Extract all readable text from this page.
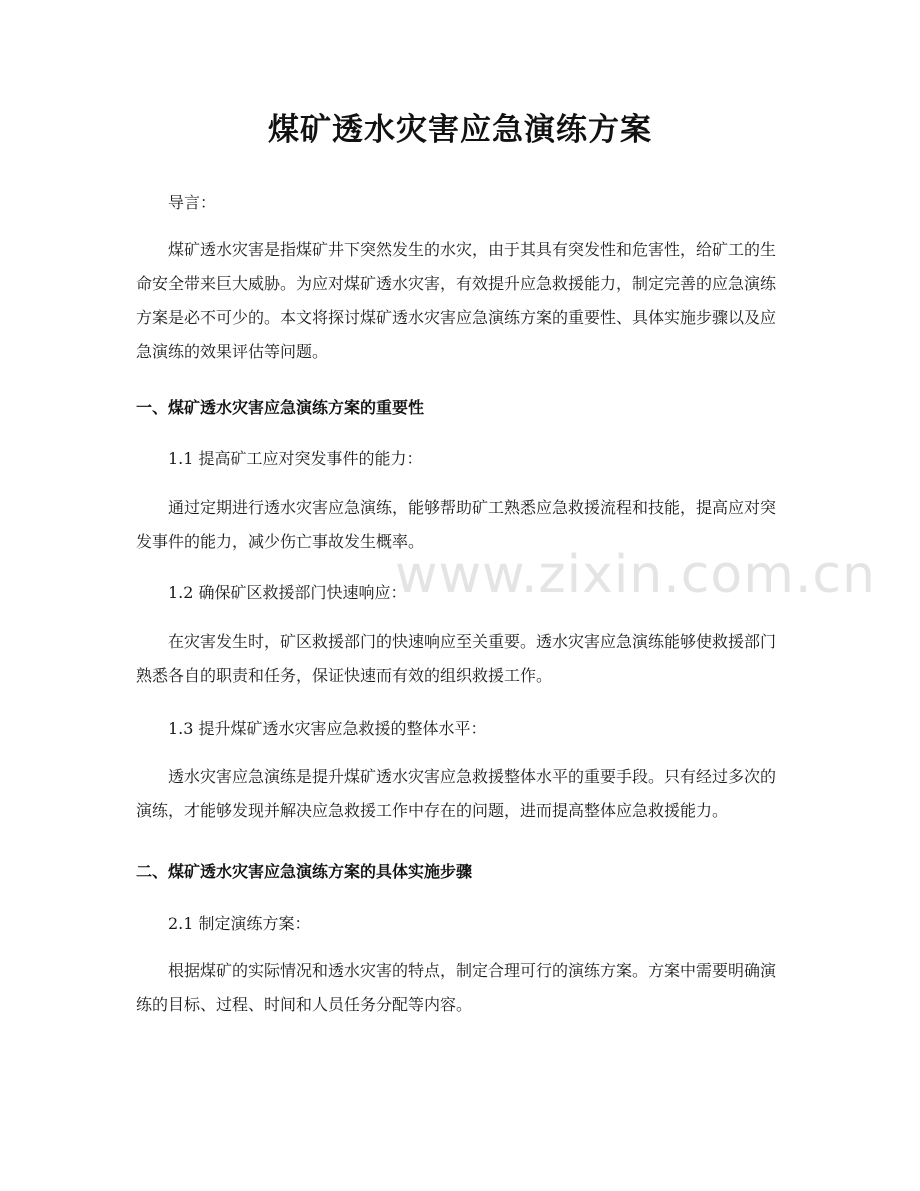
煤矿透水灾害应急演练方案

导言：

煤矿透水灾害是指煤矿井下突然发生的水灾，由于其具有突发性和危害性，给矿工的生命安全带来巨大威胁。为应对煤矿透水灾害，有效提升应急救援能力，制定完善的应急演练方案是必不可少的。本文将探讨煤矿透水灾害应急演练方案的重要性、具体实施步骤以及应急演练的效果评估等问题。

一、煤矿透水灾害应急演练方案的重要性

1.1 提高矿工应对突发事件的能力：

通过定期进行透水灾害应急演练，能够帮助矿工熟悉应急救援流程和技能，提高应对突发事件的能力，减少伤亡事故发生概率。

1.2 确保矿区救援部门快速响应：

在灾害发生时，矿区救援部门的快速响应至关重要。透水灾害应急演练能够使救援部门熟悉各自的职责和任务，保证快速而有效的组织救援工作。

1.3 提升煤矿透水灾害应急救援的整体水平：

透水灾害应急演练是提升煤矿透水灾害应急救援整体水平的重要手段。只有经过多次的演练，才能够发现并解决应急救援工作中存在的问题，进而提高整体应急救援能力。

二、煤矿透水灾害应急演练方案的具体实施步骤

2.1 制定演练方案：

根据煤矿的实际情况和透水灾害的特点，制定合理可行的演练方案。方案中需要明确演练的目标、过程、时间和人员任务分配等内容。

www.zixin.com.cn
